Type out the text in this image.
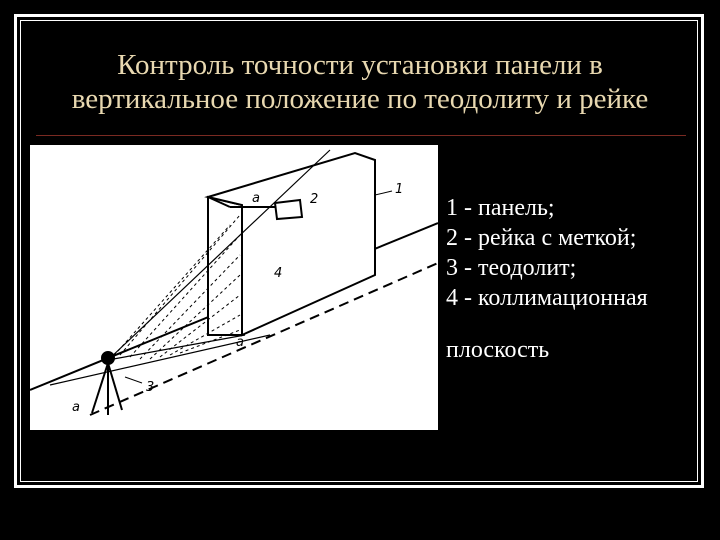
Контроль точности установки панели в
вертикальное положение по теодолиту и рейке
1
2
3
4
a
a
a
1 - панель;
2 - рейка с меткой;
3 - теодолит;
4 - коллимационная
плоскость
